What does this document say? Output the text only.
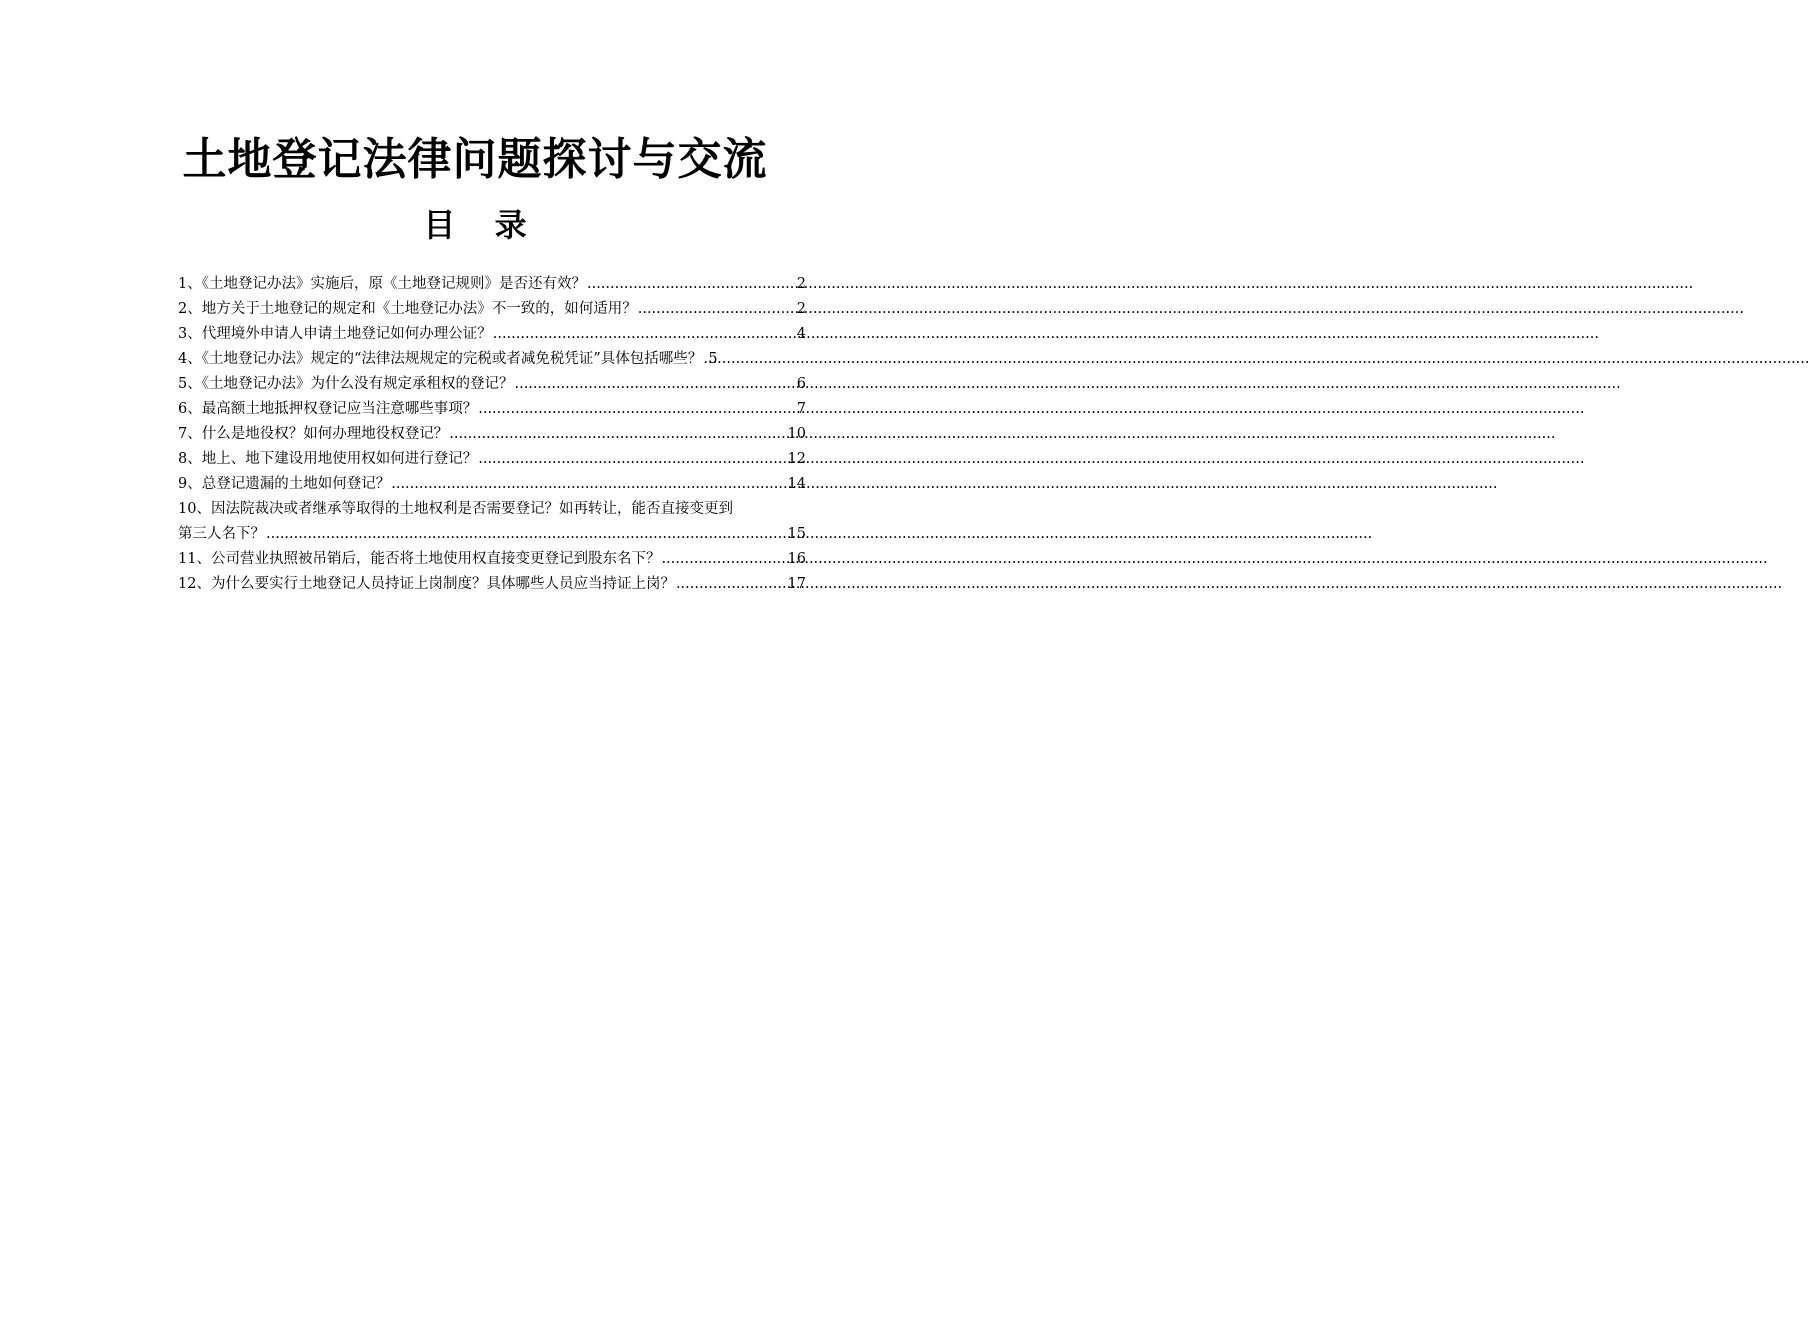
土地登记法律问题探讨与交流
目 录
1、《土地登记办法》实施后，原《土地登记规则》是否还有效？ .....	2
2、地方关于土地登记的规定和《土地登记办法》不一致的，如何适用？ .....	2
3、代理境外申请人申请土地登记如何办理公证？ .....	4
4、《土地登记办法》规定的“法律法规规定的完税或者减免税凭证”具体包括哪些？ ..... 5
5、《土地登记办法》为什么没有规定承租权的登记？ .....	6
6、最高额土地抵押权登记应当注意哪些事项？ .....	7
7、什么是地役权？如何办理地役权登记？ .....	10
8、地上、地下建设用地使用权如何进行登记？ .....	12
9、总登记遗漏的土地如何登记？ .....	14
10、因法院裁决或者继承等取得的土地权利是否需要登记？如再转让，能否直接变更到
第三人名下？ .....	15
11、公司营业执照被吊销后，能否将土地使用权直接变更登记到股东名下？ .....	16
12、为什么要实行土地登记人员持证上岗制度？具体哪些人员应当持证上岗？ .....	17
